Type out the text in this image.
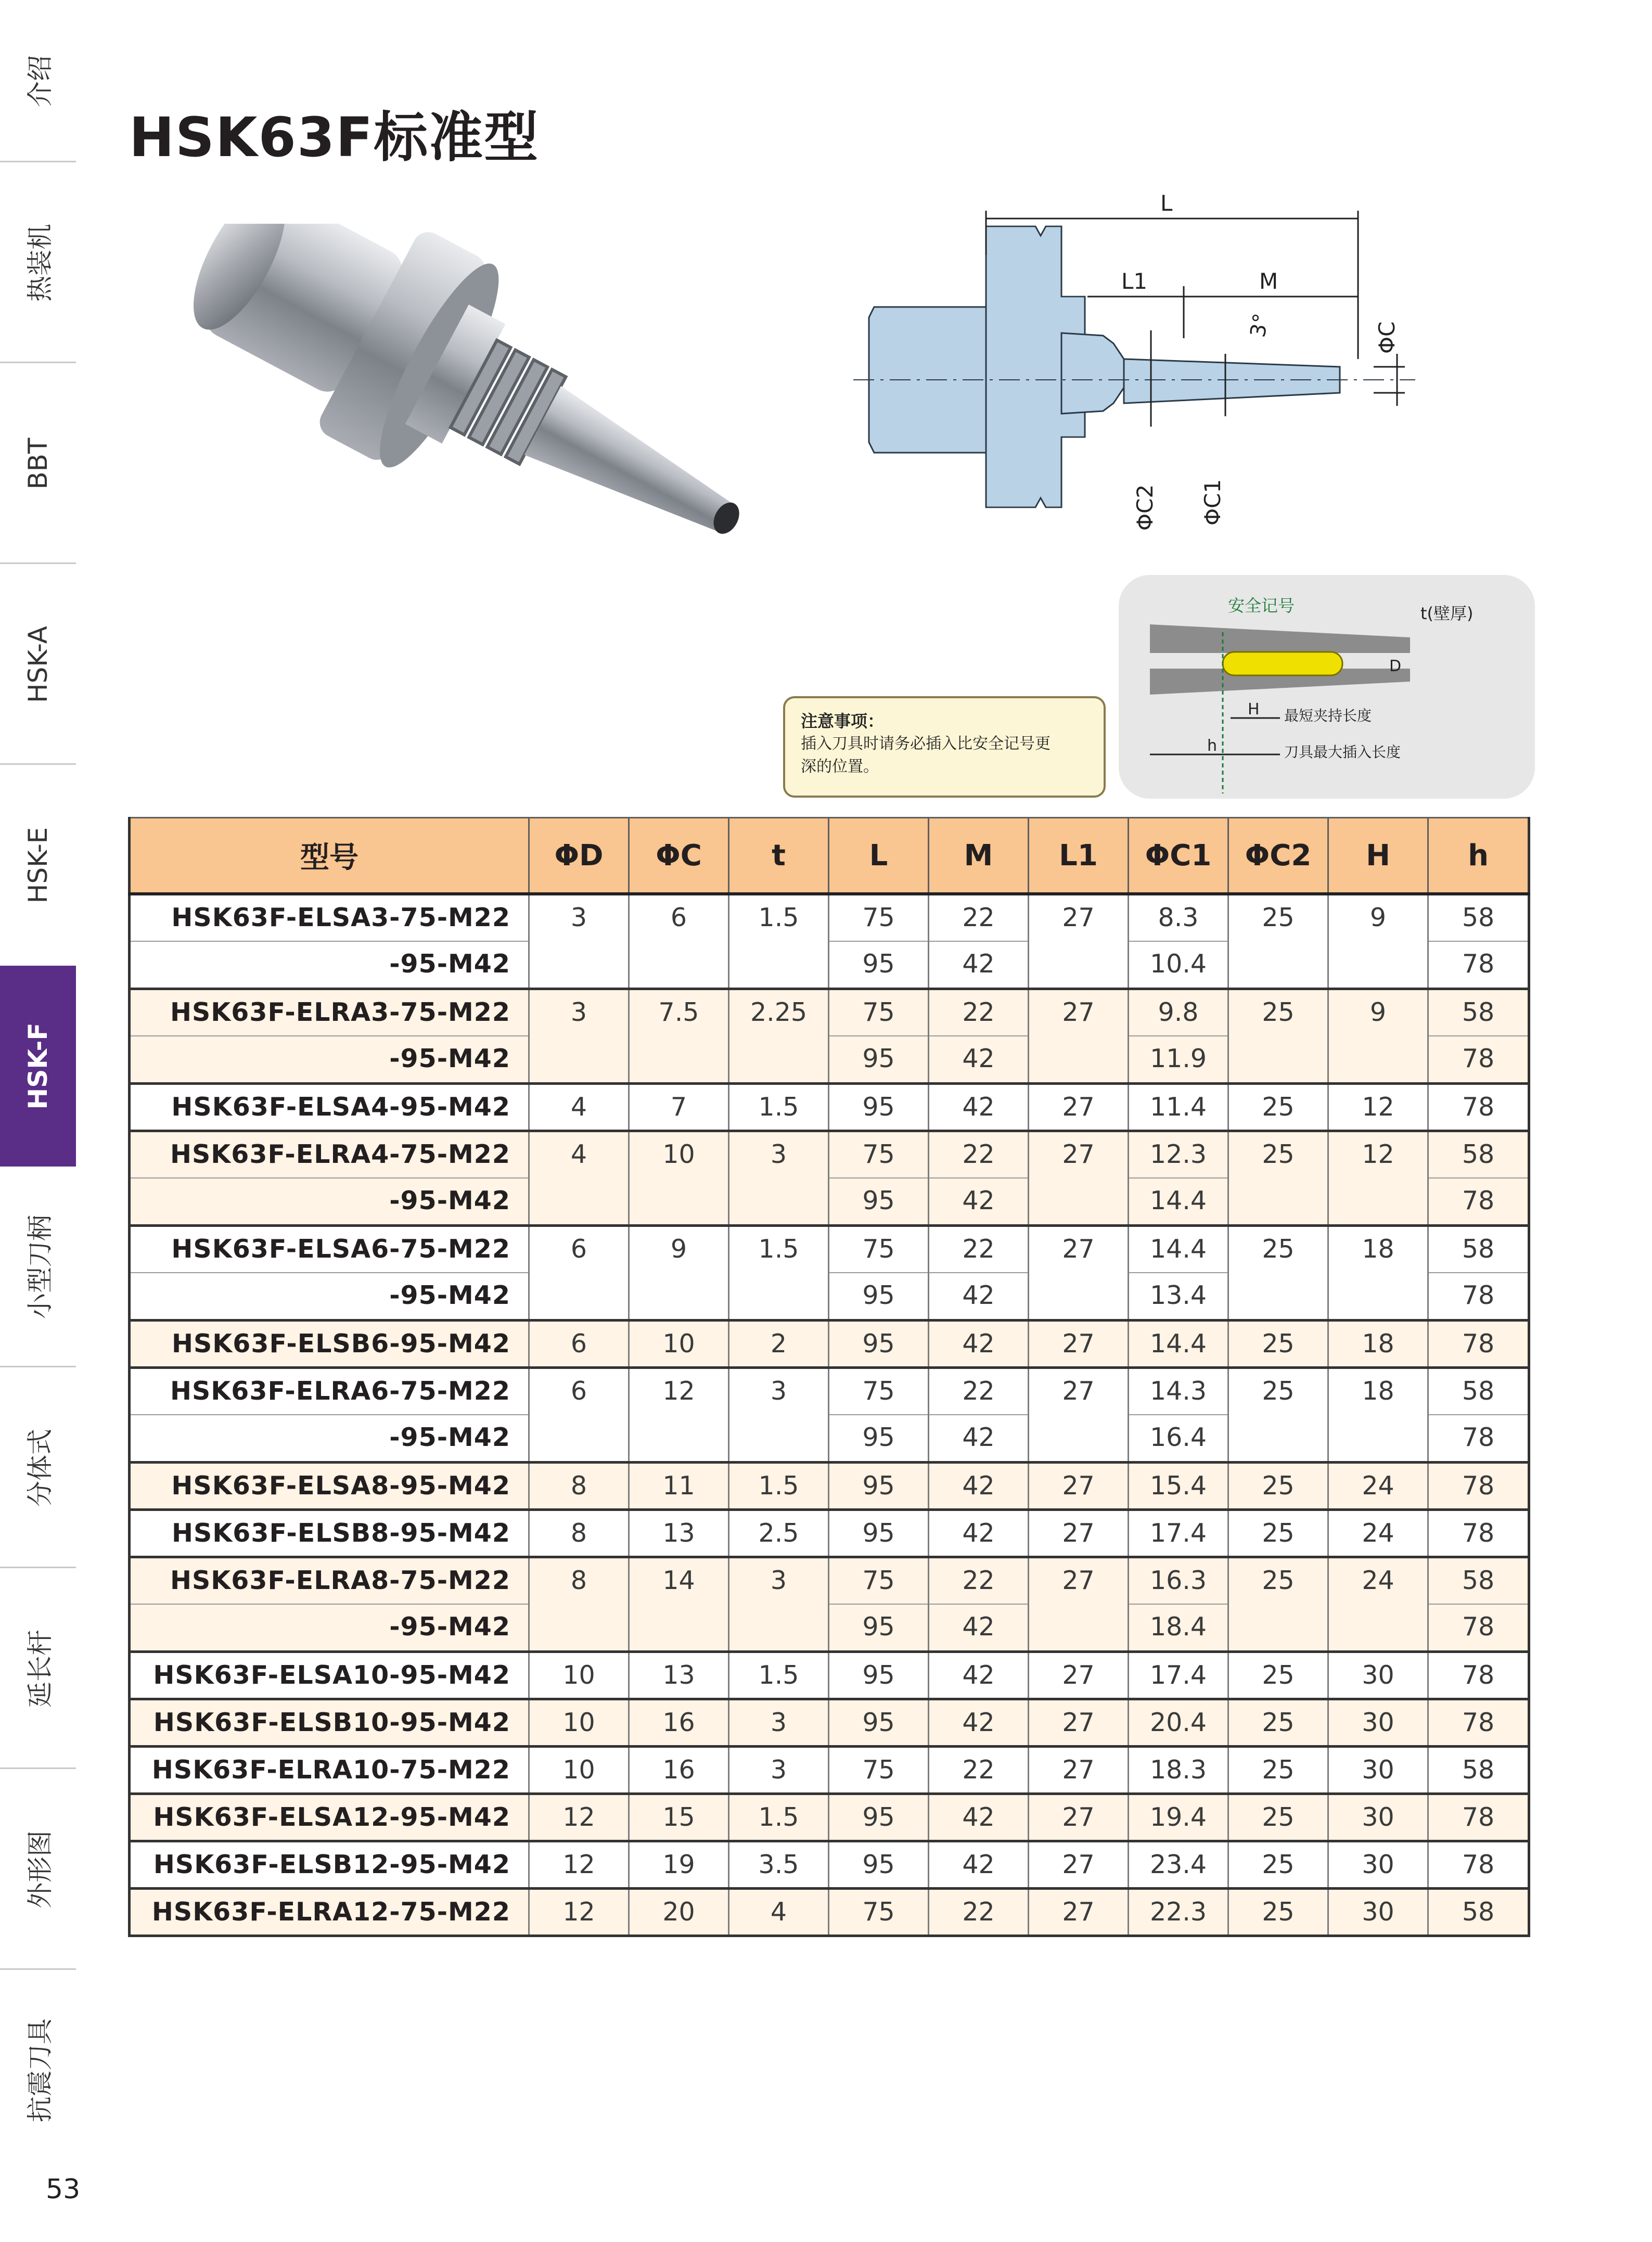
介绍
热装机
BBT
HSK-A
HSK-E
HSK-F
小型刀柄
分体式
延长杆
外形图
抗震刀具
53
HSK63F标准型
L
L1	M
3°	ΦC
ΦC2 ΦC1
安全记号	t(壁厚)
D
H 最短夹持长度
h	刀具最大插入长度
注意事项：
插入刀具时请务必插入比安全记号更
深的位置。
型号	ΦD	ΦC	t	L	M	L1	ΦC1	ΦC2	H	h
HSK63F-ELSA3-75-M22	3	6	1.5	75	22	27	8.3	25	9	58
-95-M42				95	42		10.4			78
HSK63F-ELRA3-75-M22	3	7.5	2.25	75	22	27	9.8	25	9	58
-95-M42				95	42		11.9			78
HSK63F-ELSA4-95-M42	4	7	1.5	95	42	27	11.4	25	12	78
HSK63F-ELRA4-75-M22	4	10	3	75	22	27	12.3	25	12	58
-95-M42				95	42		14.4			78
HSK63F-ELSA6-75-M22	6	9	1.5	75	22	27	14.4	25	18	58
-95-M42				95	42		13.4			78
HSK63F-ELSB6-95-M42	6	10	2	95	42	27	14.4	25	18	78
HSK63F-ELRA6-75-M22	6	12	3	75	22	27	14.3	25	18	58
-95-M42				95	42		16.4			78
HSK63F-ELSA8-95-M42	8	11	1.5	95	42	27	15.4	25	24	78
HSK63F-ELSB8-95-M42	8	13	2.5	95	42	27	17.4	25	24	78
HSK63F-ELRA8-75-M22	8	14	3	75	22	27	16.3	25	24	58
-95-M42				95	42		18.4			78
HSK63F-ELSA10-95-M42	10	13	1.5	95	42	27	17.4	25	30	78
HSK63F-ELSB10-95-M42	10	16	3	95	42	27	20.4	25	30	78
HSK63F-ELRA10-75-M22	10	16	3	75	22	27	18.3	25	30	58
HSK63F-ELSA12-95-M42	12	15	1.5	95	42	27	19.4	25	30	78
HSK63F-ELSB12-95-M42	12	19	3.5	95	42	27	23.4	25	30	78
HSK63F-ELRA12-75-M22	12	20	4	75	22	27	22.3	25	30	58
